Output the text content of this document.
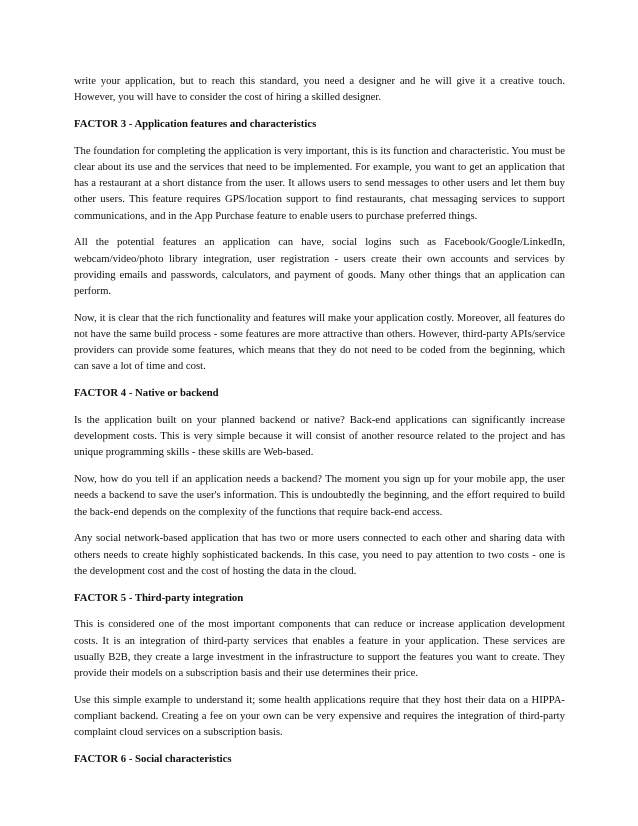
write your application, but to reach this standard, you need a designer and he will give it a creative touch. However, you will have to consider the cost of hiring a skilled designer.

FACTOR 3 - Application features and characteristics

The foundation for completing the application is very important, this is its function and characteristic. You must be clear about its use and the services that need to be implemented. For example, you want to get an application that has a restaurant at a short distance from the user. It allows users to send messages to other users and let them buy other users. This feature requires GPS/location support to find restaurants, chat messaging services to support communications, and in the App Purchase feature to enable users to purchase preferred things.

All the potential features an application can have, social logins such as Facebook/Google/LinkedIn, webcam/video/photo library integration, user registration - users create their own accounts and services by providing emails and passwords, calculators, and payment of goods. Many other things that an application can perform.

Now, it is clear that the rich functionality and features will make your application costly. Moreover, all features do not have the same build process - some features are more attractive than others. However, third-party APIs/service providers can provide some features, which means that they do not need to be coded from the beginning, which can save a lot of time and cost.

FACTOR 4 - Native or backend

Is the application built on your planned backend or native? Back-end applications can significantly increase development costs. This is very simple because it will consist of another resource related to the project and has unique programming skills - these skills are Web-based.

Now, how do you tell if an application needs a backend? The moment you sign up for your mobile app, the user needs a backend to save the user's information. This is undoubtedly the beginning, and the effort required to build the back-end depends on the complexity of the functions that require back-end access.

Any social network-based application that has two or more users connected to each other and sharing data with others needs to create highly sophisticated backends. In this case, you need to pay attention to two costs - one is the development cost and the cost of hosting the data in the cloud.

FACTOR 5 - Third-party integration

This is considered one of the most important components that can reduce or increase application development costs. It is an integration of third-party services that enables a feature in your application. These services are usually B2B, they create a large investment in the infrastructure to support the features you want to create. They provide their models on a subscription basis and their use determines their price.

Use this simple example to understand it; some health applications require that they host their data on a HIPPA-compliant backend. Creating a fee on your own can be very expensive and requires the integration of third-party complaint cloud services on a subscription basis.

FACTOR 6 - Social characteristics
